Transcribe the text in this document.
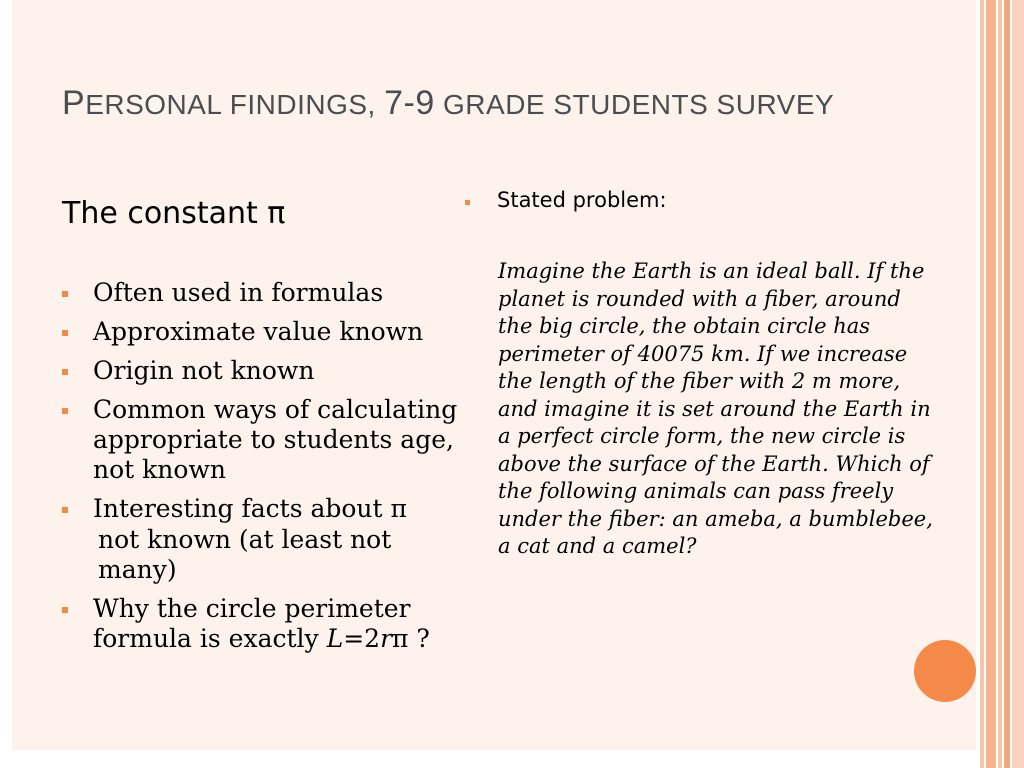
PERSONAL FINDINGS, 7-9 GRADE STUDENTS SURVEY
The constant π
Often used in formulas
Approximate value known
Origin not known
Common ways of calculating appropriate to students age, not known
Interesting facts about π
not known (at least not many)
Why the circle perimeter formula is exactly L=2rπ ?
Stated problem:

Imagine the Earth is an ideal ball. If the planet is rounded with a fiber, around the big circle, the obtain circle has perimeter of 40075 km. If we increase the length of the fiber with 2 m more, and imagine it is set around the Earth in a perfect circle form, the new circle is above the surface of the Earth. Which of the following animals can pass freely under the fiber: an ameba, a bumblebee, a cat and a camel?
